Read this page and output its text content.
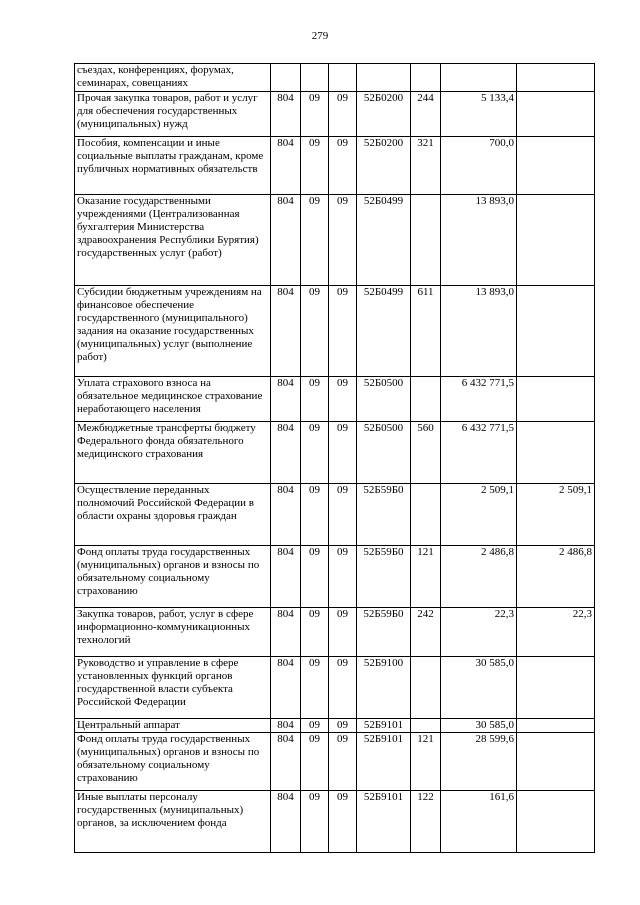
279
съездах, конференциях, форумах, семинарах, совещаниях							
Прочая закупка товаров, работ и услуг для обеспечения государственных (муниципальных) нужд	804	09	09	52Б0200	244	5 133,4	
Пособия, компенсации и иные социальные выплаты гражданам, кроме публичных нормативных обязательств	804	09	09	52Б0200	321	700,0	
Оказание государственными учреждениями (Централизованная бухгалтерия Министерства здравоохранения Республики Бурятия) государственных услуг (работ)	804	09	09	52Б0499		13 893,0	
Субсидии бюджетным учреждениям на финансовое обеспечение государственного (муниципального) задания на оказание государственных (муниципальных) услуг (выполнение работ)	804	09	09	52Б0499	611	13 893,0	
Уплата страхового взноса на обязательное медицинское страхование неработающего населения	804	09	09	52Б0500		6 432 771,5	
Межбюджетные трансферты бюджету Федерального фонда обязательного медицинского страхования	804	09	09	52Б0500	560	6 432 771,5	
Осуществление переданных полномочий Российской Федерации в области охраны здоровья граждан	804	09	09	52Б59Б0		2 509,1	2 509,1
Фонд оплаты труда государственных (муниципальных) органов и взносы по обязательному социальному страхованию	804	09	09	52Б59Б0	121	2 486,8	2 486,8
Закупка товаров, работ, услуг в сфере информационно-коммуникационных технологий	804	09	09	52Б59Б0	242	22,3	22,3
Руководство и управление в сфере установленных функций органов государственной власти субъекта Российской Федерации	804	09	09	52Б9100		30 585,0	
Центральный аппарат	804	09	09	52Б9101		30 585,0	
Фонд оплаты труда государственных (муниципальных) органов и взносы по обязательному социальному страхованию	804	09	09	52Б9101	121	28 599,6	
Иные выплаты персоналу государственных (муниципальных) органов, за исключением фонда	804	09	09	52Б9101	122	161,6	
